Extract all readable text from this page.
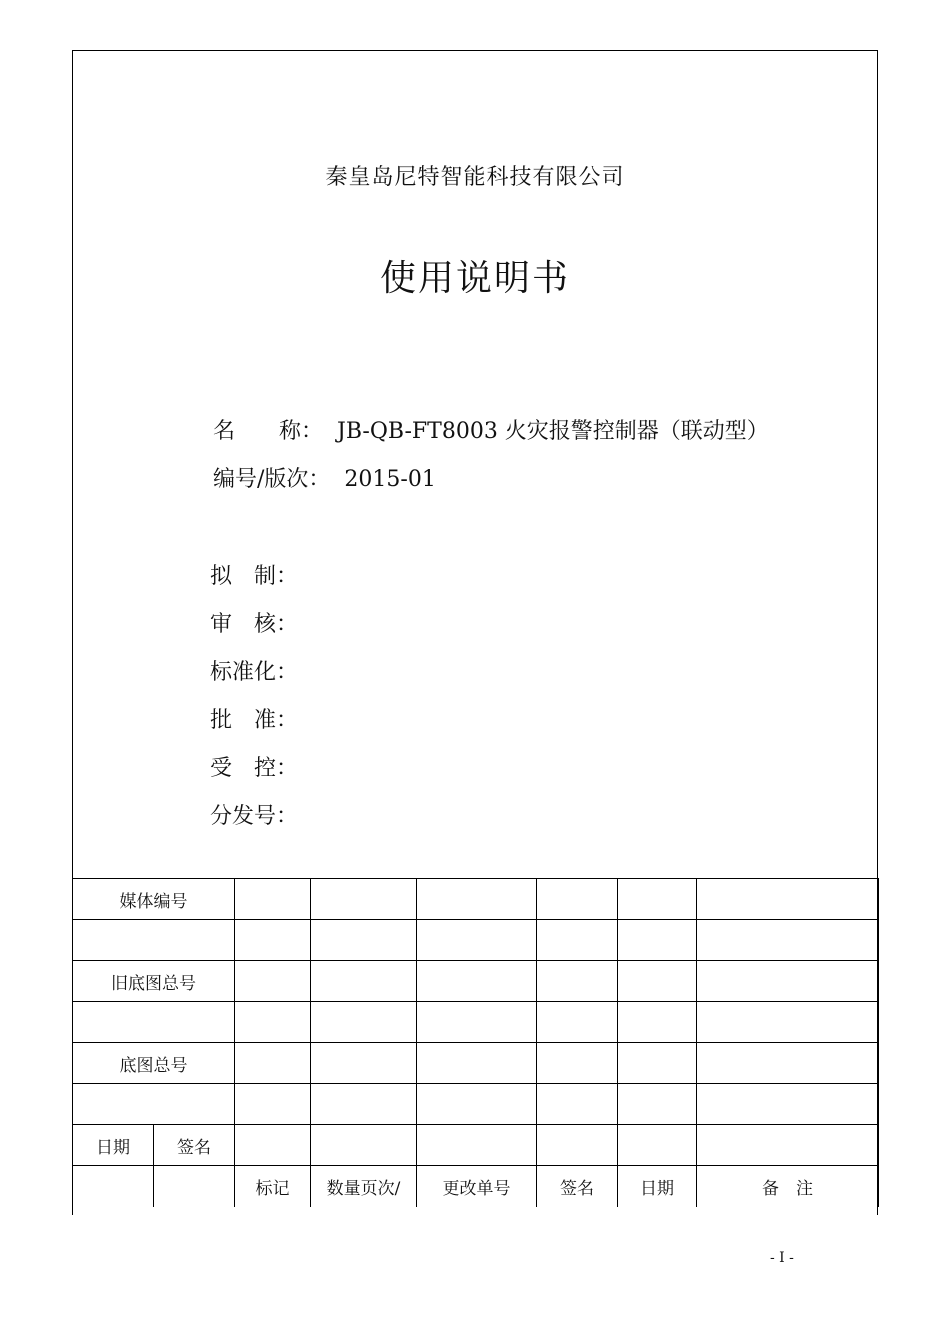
秦皇岛尼特智能科技有限公司
使用说明书
名　　称： JB-QB-FT8003 火灾报警控制器（联动型）
编号/版次： 2015-01
拟　制：
审　核：
标准化：
批　准：
受　控：
分发号：
媒体编号							

旧底图总号							

底图总号							

日期	签名						
		标记	数量页次/	更改单号	签名	日期	备　注
- I -
